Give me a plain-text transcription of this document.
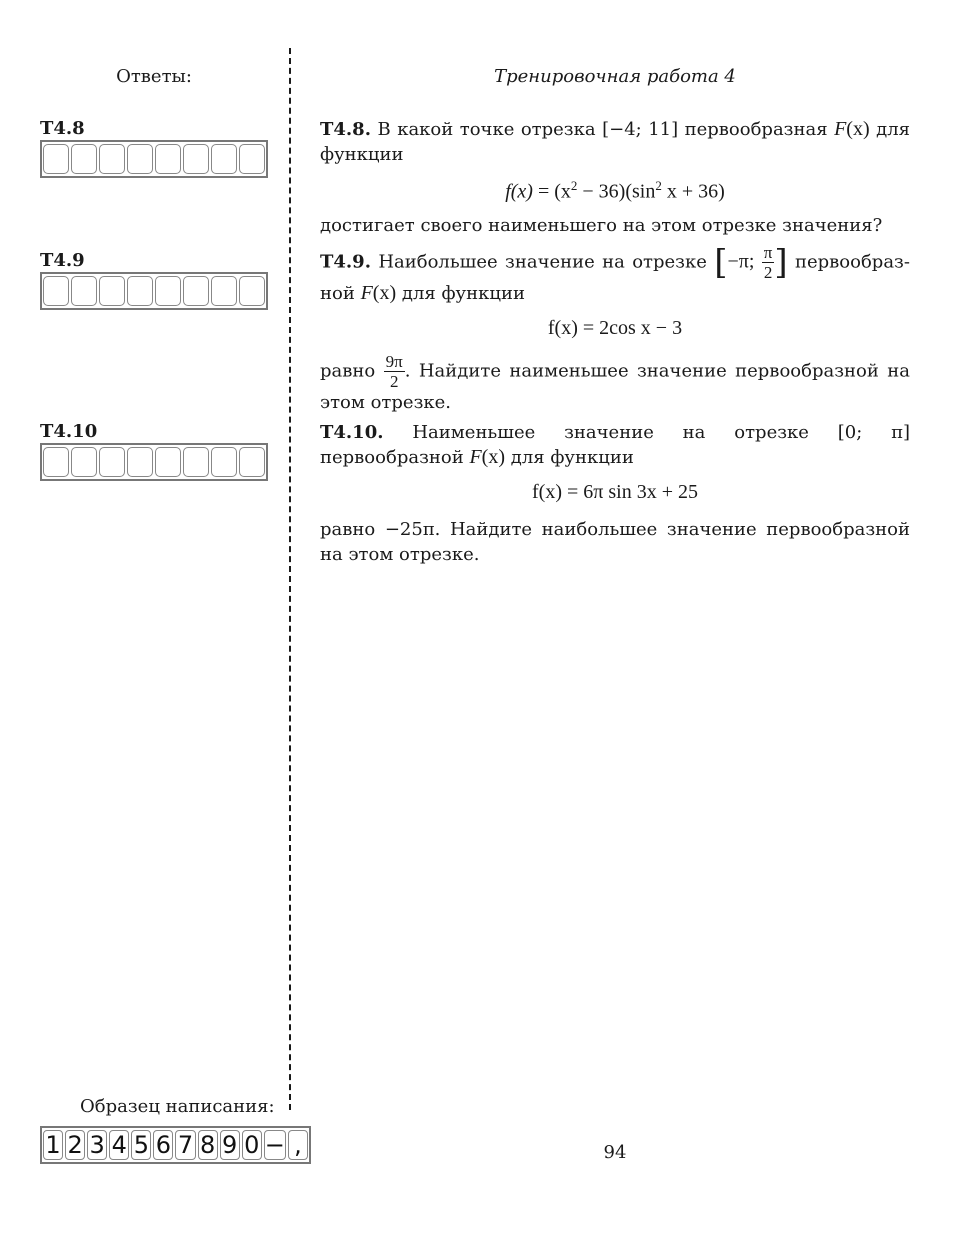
Ответы:
T4.8
T4.9
T4.10
Тренировочная работа 4

T4.8. В какой точке отрезка [−4; 11] первообразная F(x) для функции

$f(x) = (x^2 - 36)(\sin^2$ x + 36)

достигает своего наименьшего на этом отрезке значения?

T4.9. Наибольшее значение на отрезке [−π; $\frac{\pi}{2}$ ] первообраз-ной F(x) для функции

f(x) = 2cos x − 3

равно $\frac{9\pi}{2}$ . Найдите наименьшее значение первообразной на этом отрезке.

T4.10. Наименьшее значение на отрезке [0; π] первообразной F(x) для функции

f(x) = 6π sin 3x + 25

равно −25π. Найдите наибольшее значение первообразной на этом отрезке.

Образец написания:
1 2 3 4 5 6 7 8 9 0 − ,	94
